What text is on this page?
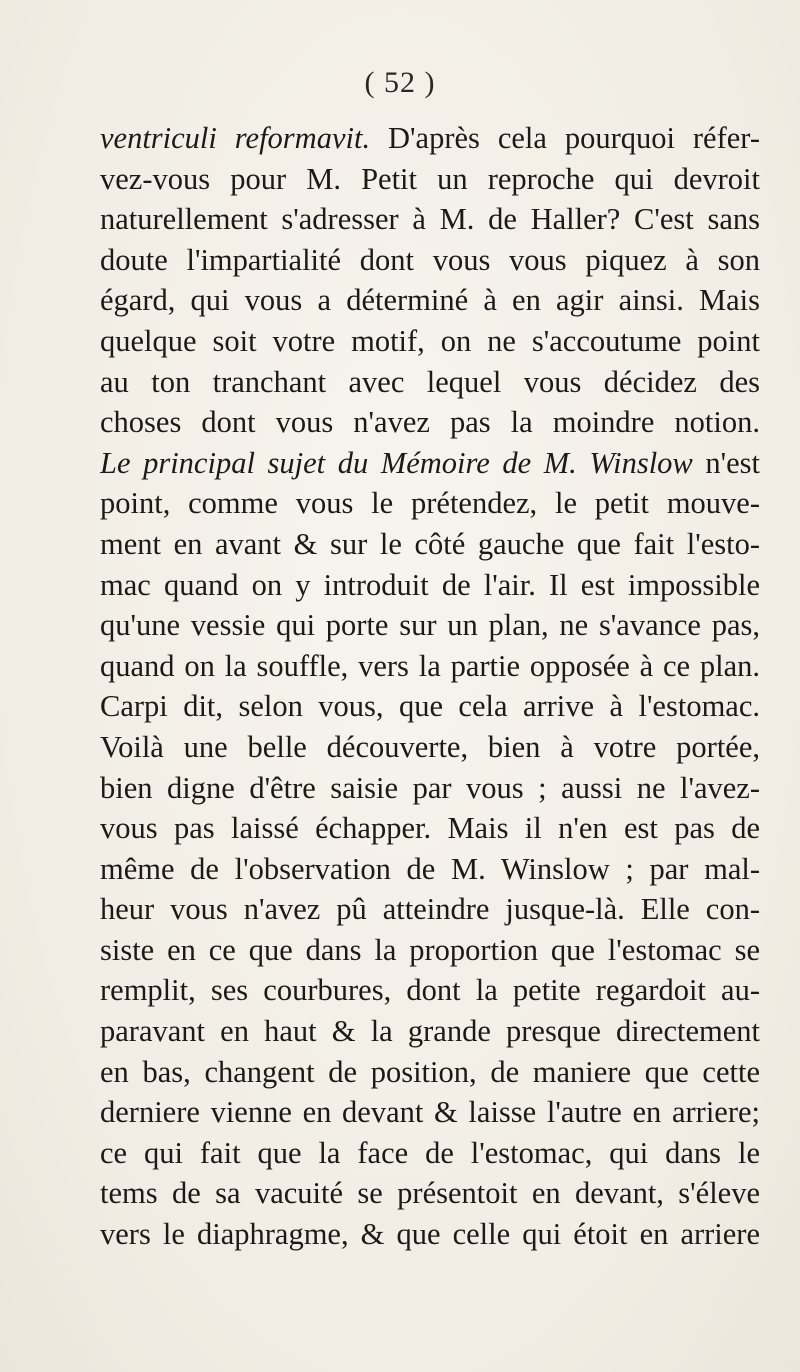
( 52 )
ventriculi reformavit. D'après cela pourquoi réfer-
vez-vous pour M. Petit un reproche qui devroit
naturellement s'adresser à M. de Haller? C'est sans
doute l'impartialité dont vous vous piquez à son
égard, qui vous a déterminé à en agir ainsi. Mais
quelque soit votre motif, on ne s'accoutume point
au ton tranchant avec lequel vous décidez des
choses dont vous n'avez pas la moindre notion.
Le principal sujet du Mémoire de M. Winslow n'est
point, comme vous le prétendez, le petit mouve-
ment en avant & sur le côté gauche que fait l'esto-
mac quand on y introduit de l'air. Il est impossible
qu'une vessie qui porte sur un plan, ne s'avance pas,
quand on la souffle, vers la partie opposée à ce plan.
Carpi dit, selon vous, que cela arrive à l'estomac.
Voilà une belle découverte, bien à votre portée,
bien digne d'être saisie par vous ; aussi ne l'avez-
vous pas laissé échapper. Mais il n'en est pas de
même de l'observation de M. Winslow ; par mal-
heur vous n'avez pû atteindre jusque-là. Elle con-
siste en ce que dans la proportion que l'estomac se
remplit, ses courbures, dont la petite regardoit au-
paravant en haut & la grande presque directement
en bas, changent de position, de maniere que cette
derniere vienne en devant & laisse l'autre en arriere;
ce qui fait que la face de l'estomac, qui dans le
tems de sa vacuité se présentoit en devant, s'éleve
vers le diaphragme, & que celle qui étoit en arriere
